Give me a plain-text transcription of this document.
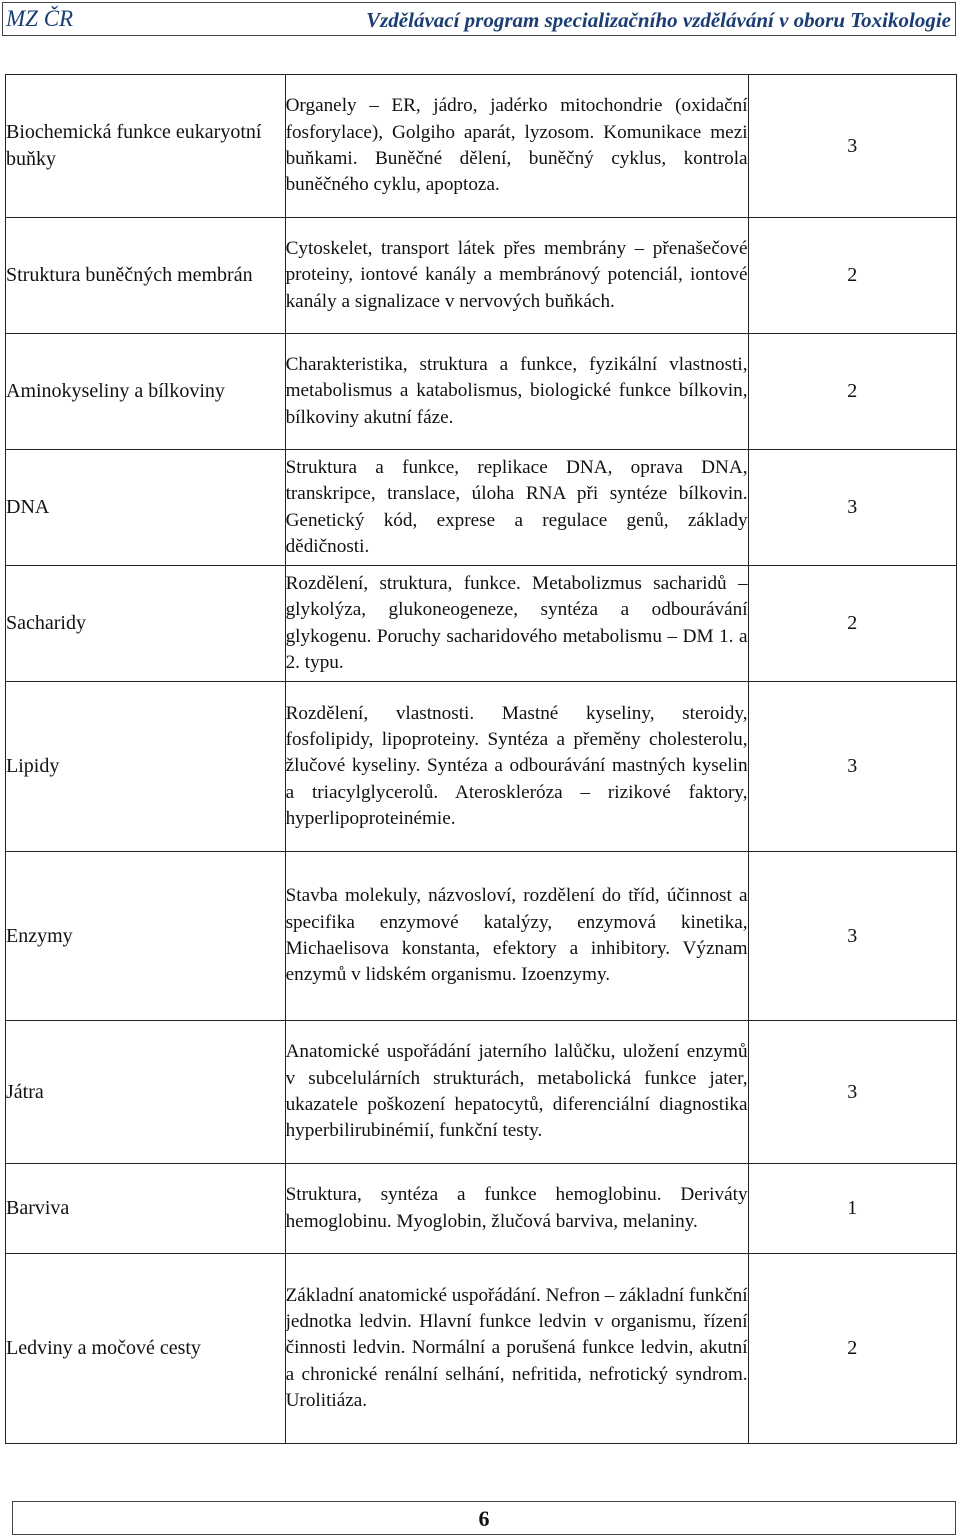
MZ ČR	Vzdělávací program specializačního vzdělávání v oboru Toxikologie
Biochemická funkce eukaryotní buňky	Organely – ER, jádro, jadérko mitochondrie (oxidační fosforylace), Golgiho aparát, lyzosom. Komunikace mezi buňkami. Buněčné dělení, buněčný cyklus, kontrola buněčného cyklu, apoptoza.	3
Struktura buněčných membrán	Cytoskelet, transport látek přes membrány – přenašečové proteiny, iontové kanály a membránový potenciál, iontové kanály a signalizace v nervových buňkách.	2
Aminokyseliny a bílkoviny	Charakteristika, struktura a funkce, fyzikální vlastnosti, metabolismus a katabolismus, biologické funkce bílkovin, bílkoviny akutní fáze.	2
DNA	Struktura a funkce, replikace DNA, oprava DNA, transkripce, translace, úloha RNA při syntéze bílkovin. Genetický kód, exprese a regulace genů, základy dědičnosti.	3
Sacharidy	Rozdělení, struktura, funkce. Metabolizmus sacharidů – glykolýza, glukoneogeneze, syntéza a odbourávání glykogenu. Poruchy sacharidového metabolismu – DM 1. a 2. typu.	2
Lipidy	Rozdělení, vlastnosti. Mastné kyseliny, steroidy, fosfolipidy, lipoproteiny. Syntéza a přeměny cholesterolu, žlučové kyseliny. Syntéza a odbourávání mastných kyselin a triacylglycerolů. Ateroskleróza – rizikové faktory, hyperlipoproteinémie.	3
Enzymy	Stavba molekuly, názvosloví, rozdělení do tříd, účinnost a specifika enzymové katalýzy, enzymová kinetika, Michaelisova konstanta, efektory a inhibitory. Význam enzymů v lidském organismu. Izoenzymy.	3
Játra	Anatomické uspořádání jaterního lalůčku, uložení enzymů v subcelulárních strukturách, metabolická funkce jater, ukazatele poškození hepatocytů, diferenciální diagnostika hyperbilirubinémií, funkční testy.	3
Barviva	Struktura, syntéza a funkce hemoglobinu. Deriváty hemoglobinu. Myoglobin, žlučová barviva, melaniny.	1
Ledviny a močové cesty	Základní anatomické uspořádání. Nefron – základní funkční jednotka ledvin. Hlavní funkce ledvin v organismu, řízení činnosti ledvin. Normální a porušená funkce ledvin, akutní a chronické renální selhání, nefritida, nefrotický syndrom. Urolitiáza.	2
6
